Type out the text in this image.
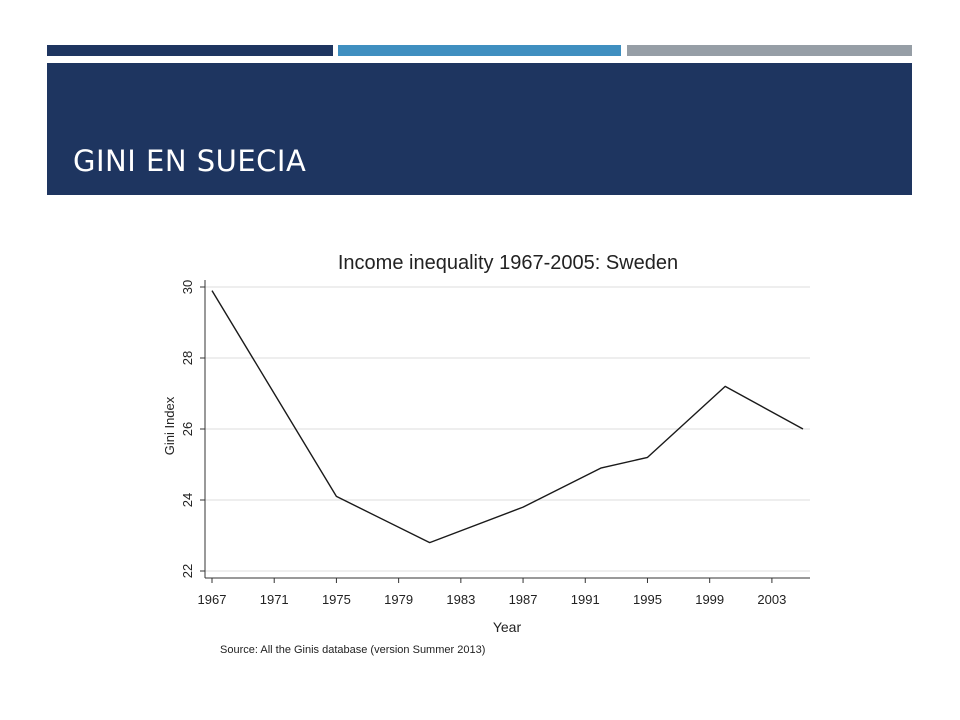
GINI EN SUECIA
Income inequality 1967-2005: Sweden
22
24
26
28
30
1967	1971	1975	1979	1983	1987	1991	1995	1999	2003
Year
Gini Index
Source: All the Ginis database (version Summer 2013)
